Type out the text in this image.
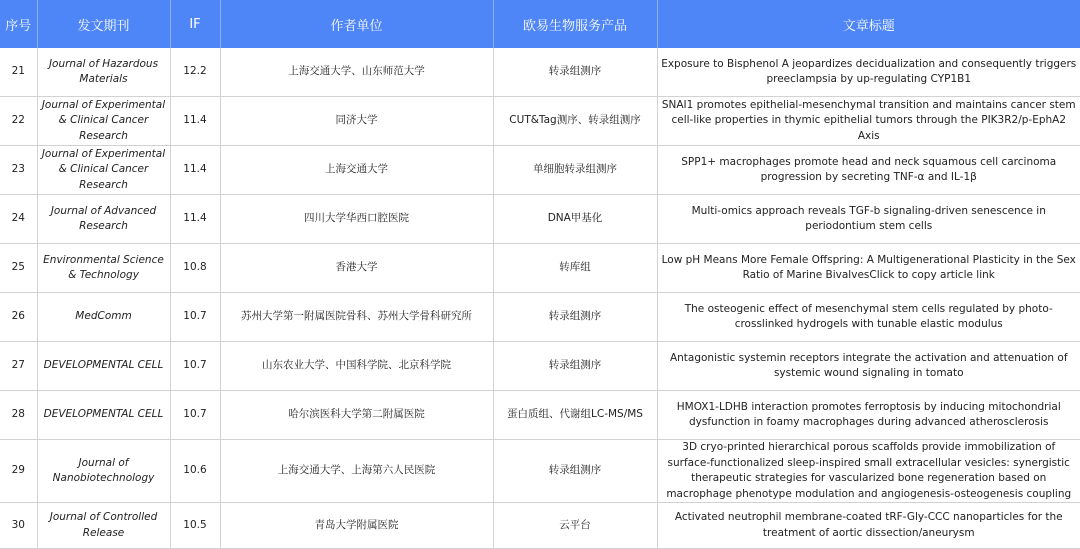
序号	发文期刊	IF	作者单位	欧易生物服务产品	文章标题
21	Journal of Hazardous Materials	12.2	上海交通大学、山东师范大学	转录组测序	Exposure to Bisphenol A jeopardizes decidualization and consequently triggers preeclampsia by up-regulating CYP1B1
22	Journal of Experimental & Clinical Cancer Research	11.4	同济大学	CUT&Tag测序、转录组测序	SNAI1 promotes epithelial-mesenchymal transition and maintains cancer stem cell-like properties in thymic epithelial tumors through the PIK3R2/p-EphA2 Axis
23	Journal of Experimental & Clinical Cancer Research	11.4	上海交通大学	单细胞转录组测序	SPP1+ macrophages promote head and neck squamous cell carcinoma progression by secreting TNF-α and IL-1β
24	Journal of Advanced Research	11.4	四川大学华西口腔医院	DNA甲基化	Multi-omics approach reveals TGF-b signaling-driven senescence in periodontium stem cells
25	Environmental Science & Technology	10.8	香港大学	转库组	Low pH Means More Female Offspring: A Multigenerational Plasticity in the Sex Ratio of Marine BivalvesClick to copy article link
26	MedComm	10.7	苏州大学第一附属医院骨科、苏州大学骨科研究所	转录组测序	The osteogenic effect of mesenchymal stem cells regulated by photo-crosslinked hydrogels with tunable elastic modulus
27	DEVELOPMENTAL CELL	10.7	山东农业大学、中国科学院、北京科学院	转录组测序	Antagonistic systemin receptors integrate the activation and attenuation of systemic wound signaling in tomato
28	DEVELOPMENTAL CELL	10.7	哈尔滨医科大学第二附属医院	蛋白质组、代谢组LC-MS/MS	HMOX1-LDHB interaction promotes ferroptosis by inducing mitochondrial dysfunction in foamy macrophages during advanced atherosclerosis
29	Journal of Nanobiotechnology	10.6	上海交通大学、上海第六人民医院	转录组测序	3D cryo-printed hierarchical porous scaffolds provide immobilization of surface-functionalized sleep-inspired small extracellular vesicles: synergistic therapeutic strategies for vascularized bone regeneration based on macrophage phenotype modulation and angiogenesis-osteogenesis coupling
30	Journal of Controlled Release	10.5	青岛大学附属医院	云平台	Activated neutrophil membrane-coated tRF-Gly-CCC nanoparticles for the treatment of aortic dissection/aneurysm
